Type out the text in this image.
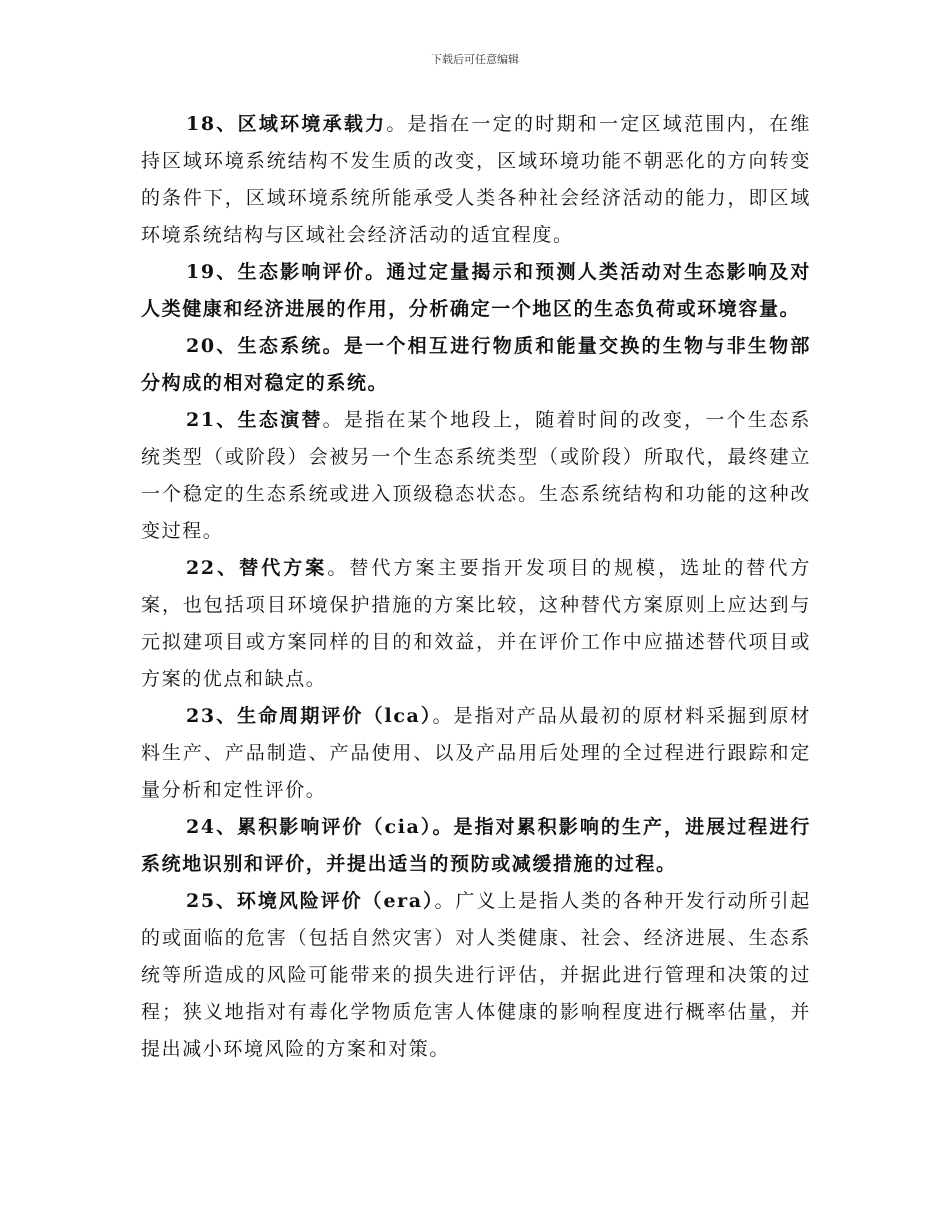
下载后可任意编辑

18、区域环境承载力。是指在一定的时期和一定区域范围内，在维持区域环境系统结构不发生质的改变，区域环境功能不朝恶化的方向转变的条件下，区域环境系统所能承受人类各种社会经济活动的能力，即区域环境系统结构与区域社会经济活动的适宜程度。

19、生态影响评价。通过定量揭示和预测人类活动对生态影响及对人类健康和经济进展的作用，分析确定一个地区的生态负荷或环境容量。

20、生态系统。是一个相互进行物质和能量交换的生物与非生物部分构成的相对稳定的系统。

21、生态演替。是指在某个地段上，随着时间的改变，一个生态系统类型（或阶段）会被另一个生态系统类型（或阶段）所取代，最终建立一个稳定的生态系统或进入顶级稳态状态。生态系统结构和功能的这种改变过程。

22、替代方案。替代方案主要指开发项目的规模，选址的替代方案，也包括项目环境保护措施的方案比较，这种替代方案原则上应达到与元拟建项目或方案同样的目的和效益，并在评价工作中应描述替代项目或方案的优点和缺点。

23、生命周期评价（lca）。是指对产品从最初的原材料采掘到原材料生产、产品制造、产品使用、以及产品用后处理的全过程进行跟踪和定量分析和定性评价。

24、累积影响评价（cia）。是指对累积影响的生产，进展过程进行系统地识别和评价，并提出适当的预防或减缓措施的过程。

25、环境风险评价（era）。广义上是指人类的各种开发行动所引起的或面临的危害（包括自然灾害）对人类健康、社会、经济进展、生态系统等所造成的风险可能带来的损失进行评估，并据此进行管理和决策的过程；狭义地指对有毒化学物质危害人体健康的影响程度进行概率估量，并提出减小环境风险的方案和对策。
